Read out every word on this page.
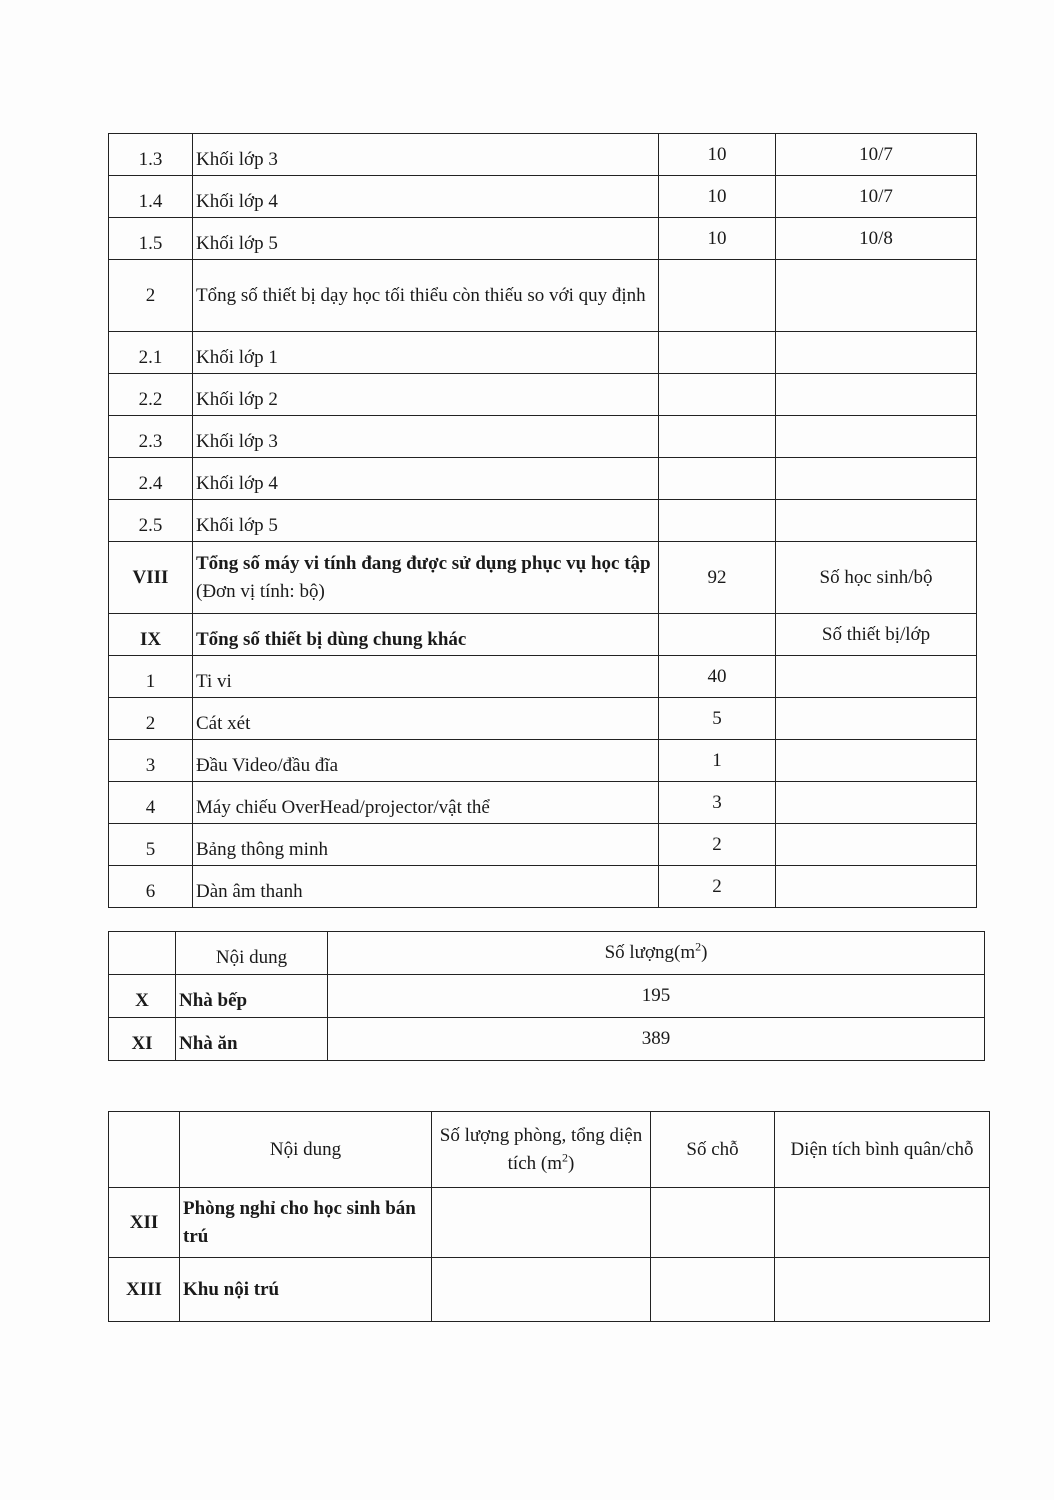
1.3	Khối lớp 3	10	10/7
1.4	Khối lớp 4	10	10/7
1.5	Khối lớp 5	10	10/8
2	Tổng số thiết bị dạy học tối thiểu còn thiếu so với quy định		
2.1	Khối lớp 1		
2.2	Khối lớp 2		
2.3	Khối lớp 3		
2.4	Khối lớp 4		
2.5	Khối lớp 5		
VIII	Tổng số máy vi tính đang được sử dụng phục vụ học tập (Đơn vị tính: bộ)	92	Số học sinh/bộ
IX	Tổng số thiết bị dùng chung khác		Số thiết bị/lớp
1	Ti vi	40	
2	Cát xét	5	
3	Đầu Video/đầu đĩa	1	
4	Máy chiếu OverHead/projector/vật thể	3	
5	Bảng thông minh	2	
6	Dàn âm thanh	2	
	Nội dung	Số $lượng(m^2)$
X	Nhà bếp	195
XI	Nhà ăn	389
	Nội dung	Số lượng phòng, tổng diện tích $(m^2)$	Số chỗ	Diện tích bình quân/chỗ
XII	Phòng nghỉ cho học sinh bán trú			
XIII	Khu nội trú			
